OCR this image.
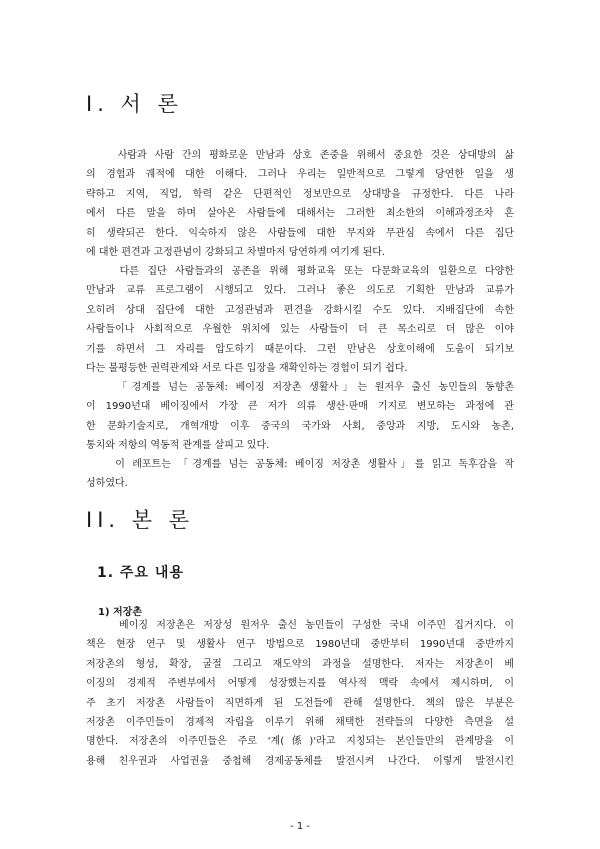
I. 서 론
사람과 사람 간의 평화로운 만남과 상호 존중을 위해서 중요한 것은 상대방의 삶
의 경험과 궤적에 대한 이해다. 그러나 우리는 일반적으로 그렇게 당연한 일을 생
략하고 지역, 직업, 학력 같은 단편적인 정보만으로 상대방을 규정한다. 다른 나라
에서 다른 말을 하며 살아온 사람들에 대해서는 그러한 최소한의 이해과정조차 흔
히 생략되곤 한다. 익숙하지 않은 사람들에 대한 무지와 무관심 속에서 다른 집단
에 대한 편견과 고정관념이 강화되고 차별마저 당연하게 여기게 된다.
다른 집단 사람들과의 공존을 위해 평화교육 또는 다문화교육의 일환으로 다양한
만남과 교류 프로그램이 시행되고 있다. 그러나 좋은 의도로 기획한 만남과 교류가
오히려 상대 집단에 대한 고정관념과 편견을 강화시킬 수도 있다. 지배집단에 속한
사람들이나 사회적으로 우월한 위치에 있는 사람들이 더 큰 목소리로 더 많은 이야
기를 하면서 그 자리를 압도하기 때문이다. 그런 만남은 상호이해에 도움이 되기보
다는 불평등한 권력관계와 서로 다른 입장을 재확인하는 경험이 되기 쉽다.
「경계를 넘는 공동체: 베이징 저장촌 생활사」는 원저우 출신 농민들의 동향촌
이 1990년대 베이징에서 가장 큰 저가 의류 생산·판매 기지로 변모하는 과정에 관
한 문화기술지로, 개혁개방 이후 중국의 국가와 사회, 중앙과 지방, 도시와 농촌,
통치와 저항의 역동적 관계를 살피고 있다.
이 레포트는 「경계를 넘는 공동체: 베이징 저장촌 생활사」를 읽고 독후감을 작
성하였다.
II. 본 론
1. 주요 내용
1) 저장촌
베이징 저장촌은 저장성 원저우 출신 농민들이 구성한 국내 이주민 집거지다. 이
책은 현장 연구 및 생활사 연구 방법으로 1980년대 중반부터 1990년대 중반까지
저장촌의 형성, 확장, 굴절 그리고 재도약의 과정을 설명한다. 저자는 저장촌이 베
이징의 경제적 주변부에서 어떻게 성장했는지를 역사적 맥락 속에서 제시하며, 이
주 초기 저장촌 사람들이 직면하게 된 도전들에 관해 설명한다. 책의 많은 부분은
저장촌 이주민들이 경제적 자립을 이루기 위해 채택한 전략들의 다양한 측면을 설
명한다. 저장촌의 이주민들은 주로 '계(係)'라고 지칭되는 본인들만의 관계망을 이
용해 친우권과 사업권을 중첩해 경제공동체를 발전시켜 나간다. 이렇게 발전시킨
- 1 -
